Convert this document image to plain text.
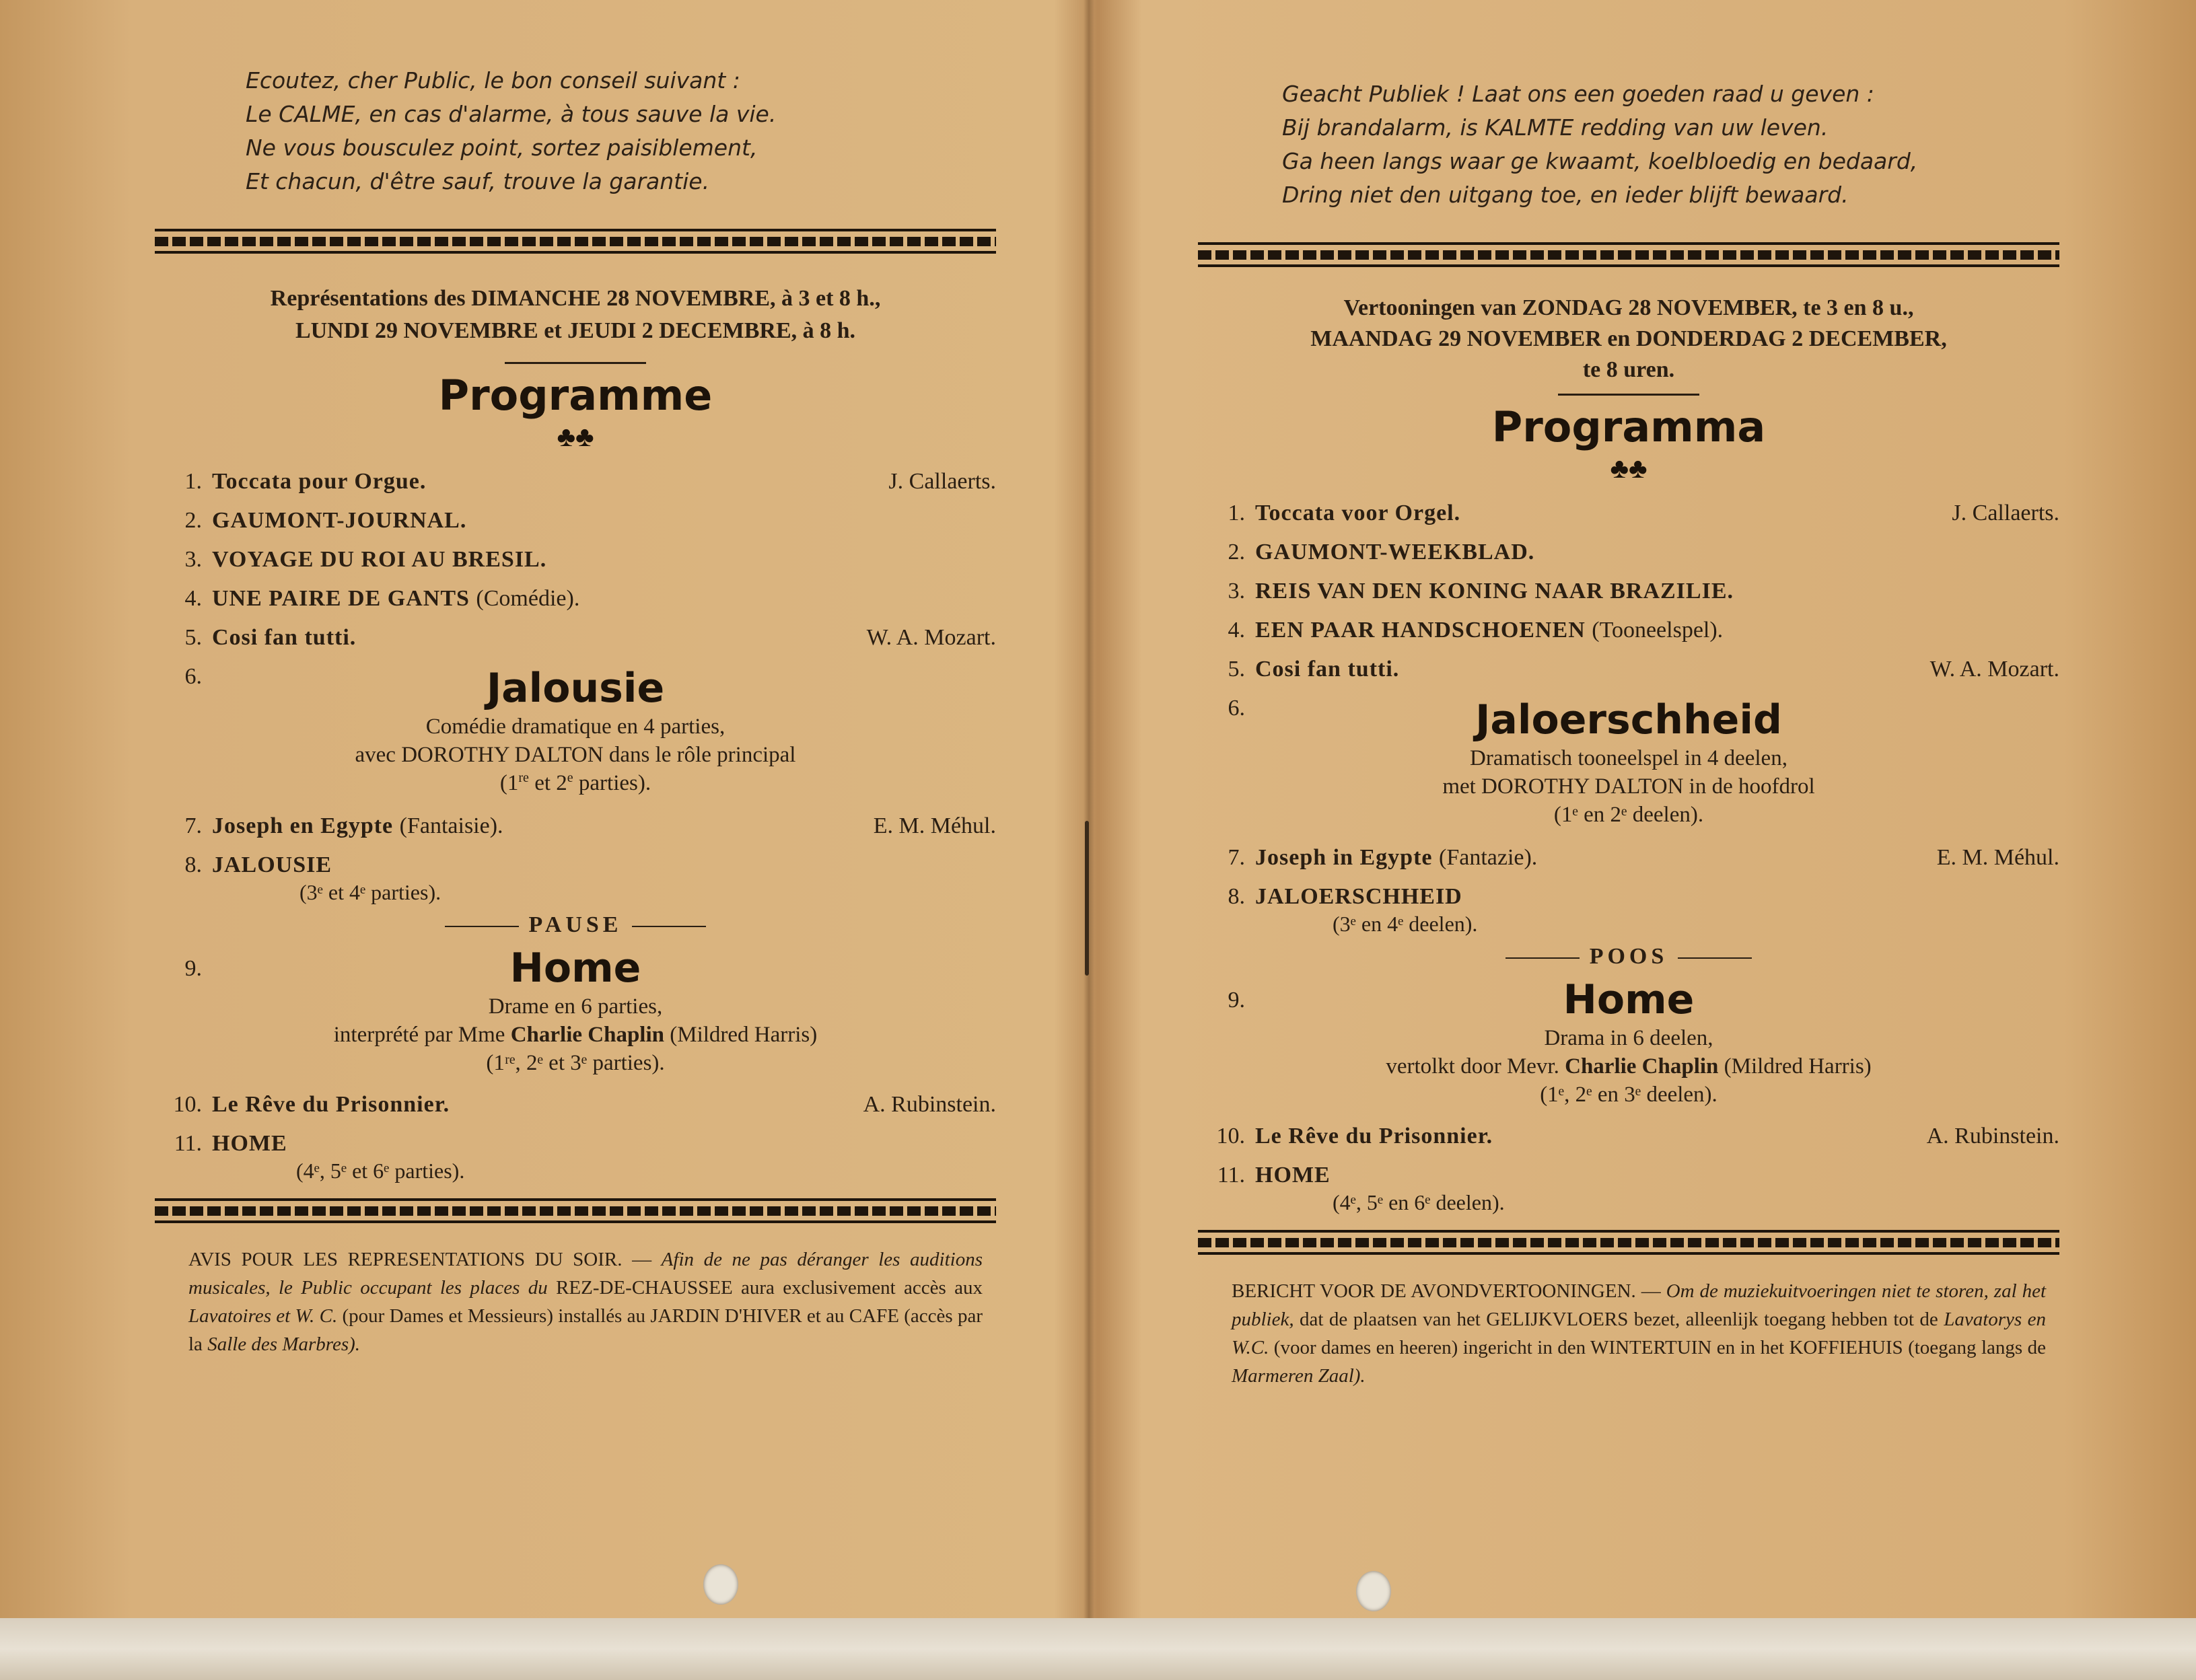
Ecoutez, cher Public, le bon conseil suivant :
Le CALME, en cas d'alarme, à tous sauve la vie.
Ne vous bousculez point, sortez paisiblement,
Et chacun, d'être sauf, trouve la garantie.
Représentations des DIMANCHE 28 NOVEMBRE, à 3 et 8 h.,
LUNDI 29 NOVEMBRE et JEUDI 2 DECEMBRE, à 8 h.
Programme
♣♣
1. Toccata pour Orgue.	J. Callaerts.
2. GAUMONT-JOURNAL.
3. VOYAGE DU ROI AU BRESIL.
4. UNE PAIRE DE GANTS (Comédie).
5. Cosi fan tutti.	W. A. Mozart.
6.	Jalousie
Comédie dramatique en 4 parties,
avec DOROTHY DALTON dans le rôle principal
(1re et 2e parties).
7. Joseph en Egypte (Fantaisie).	E. M. Méhul.
8. JALOUSIE
(3ᵉ et 4ᵉ parties).
PAUSE
9.	Home
Drame en 6 parties,
interprété par Mme Charlie Chaplin (Mildred Harris)
(1ʳᵉ, 2ᵉ et 3ᵉ parties).
10. Le Rêve du Prisonnier.	A. Rubinstein.
11. HOME
(4ᵉ, 5ᵉ et 6ᵉ parties).
AVIS POUR LES REPRESENTATIONS DU SOIR. — Afin de ne pas déranger les auditions musicales, le Public occupant les places du REZ-DE-CHAUSSEE aura exclusivement accès aux Lavatoires et W. C. (pour Dames et Messieurs) installés au JARDIN D'HIVER et au CAFE (accès par la Salle des Marbres).
Geacht Publiek ! Laat ons een goeden raad u geven :
Bij brandalarm, is KALMTE redding van uw leven.
Ga heen langs waar ge kwaamt, koelbloedig en bedaard,
Dring niet den uitgang toe, en ieder blijft bewaard.
Vertooningen van ZONDAG 28 NOVEMBER, te 3 en 8 u.,
MAANDAG 29 NOVEMBER en DONDERDAG 2 DECEMBER,
te 8 uren.
Programma
♣♣
1. Toccata voor Orgel.	J. Callaerts.
2. GAUMONT-WEEKBLAD.
3. REIS VAN DEN KONING NAAR BRAZILIE.
4. EEN PAAR HANDSCHOENEN (Tooneelspel).
5. Cosi fan tutti.	W. A. Mozart.
6.	Jaloerschheid
Dramatisch tooneelspel in 4 deelen,
met DOROTHY DALTON in de hoofdrol
(1ᵉ en 2ᵉ deelen).
7. Joseph in Egypte (Fantazie).	E. M. Méhul.
8. JALOERSCHHEID
(3ᵉ en 4ᵉ deelen).
POOS
9.	Home
Drama in 6 deelen,
vertolkt door Mevr. Charlie Chaplin (Mildred Harris)
(1ᵉ, 2ᵉ en 3ᵉ deelen).
10. Le Rêve du Prisonnier.	A. Rubinstein.
11. HOME
(4ᵉ, 5ᵉ en 6ᵉ deelen).
BERICHT VOOR DE AVONDVERTOONINGEN. — Om de muziekuitvoeringen niet te storen, zal het publiek, dat de plaatsen van het GELIJKVLOERS bezet, alleenlijk toegang hebben tot de Lavatorys en W.C. (voor dames en heeren) ingericht in den WINTERTUIN en in het KOFFIEHUIS (toegang langs de Marmeren Zaal).
